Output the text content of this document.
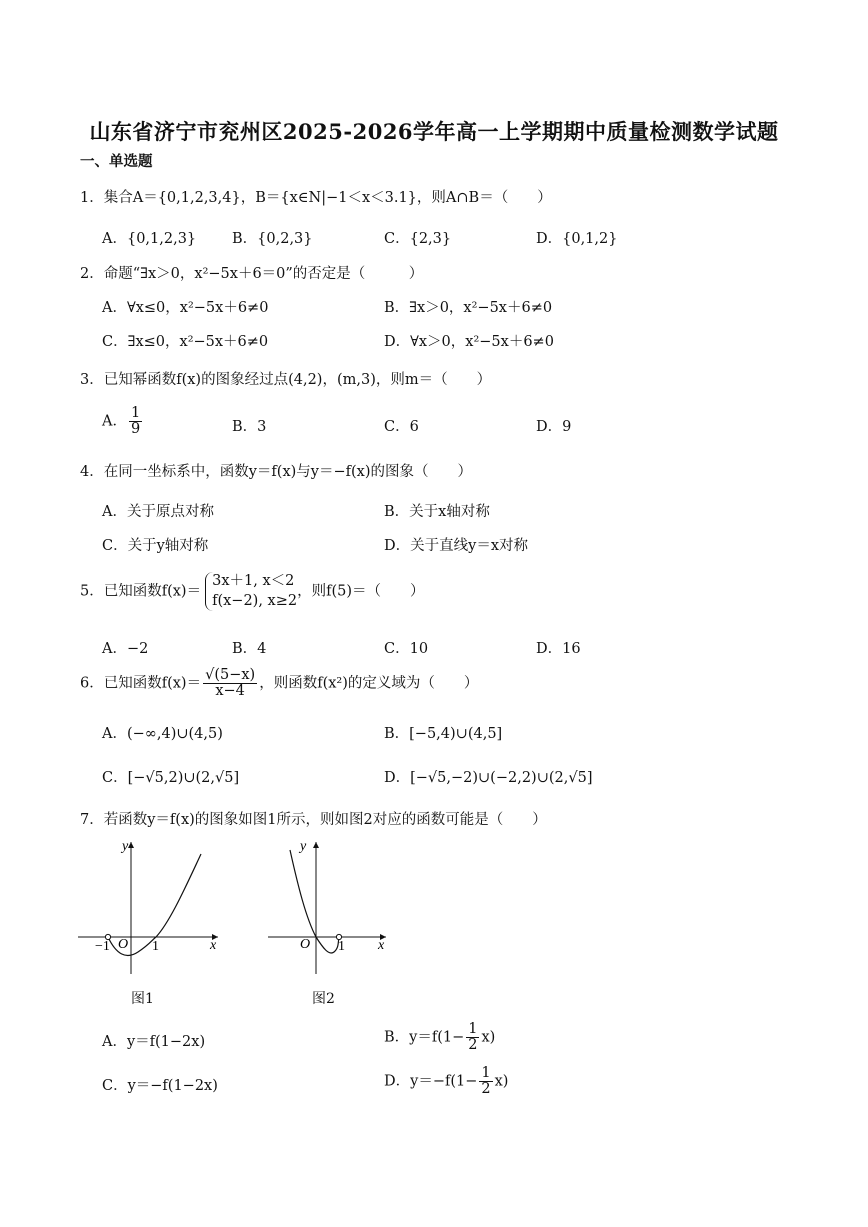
山东省济宁市兖州区2025-2026学年高一上学期期中质量检测数学试题
一、单选题
1．集合A＝{0,1,2,3,4}，B＝{x∈N|−1＜x＜3.1}，则A∩B＝（　　）
A．{0,1,2,3} B．{0,2,3}	C．{2,3}	D．{0,1,2}
2．命题“∃x＞0，x²−5x＋6＝0”的否定是（　　　）
A．∀x≤0，x²−5x＋6≠0	B．∃x＞0，x²−5x＋6≠0
C．∃x≤0，x²−5x＋6≠0	D．∀x＞0，x²−5x＋6≠0
3．已知幂函数f(x)的图象经过点(4,2)，(m,3)，则m＝（　　）
A． $\frac{1}{9}$	B．3	C．6	D．9
4．在同一坐标系中，函数y＝f(x)与y＝−f(x)的图象（　　）
A．关于原点对称	B．关于x轴对称
C．关于y轴对称	D．关于直线y＝x对称
5．已知函数f(x)＝
3x＋1, x＜2
f(x−2), x≥2
，则f(5)＝（　　）
A．−2	B．4	C．10	D．16
6．已知函数$f(x)= \frac{√(5-x)}{x-4}$ ，则函数f(x²)的定义域为（　　）
A．(−∞,4)∪(4,5)	B．[−5,4)∪(4,5]
C．[−√5,2)∪(2,√5]	D．[−√5,−2)∪(−2,2)∪(2,√5]
7．若函数y＝f(x)的图象如图1所示，则如图2对应的函数可能是（　　）
y
x
−1 O 1
图1
y
x
O 1
图2
A．y＝f(1−2x)	B．$y=f(1- \frac{1}{2} x)$
C．y＝−f(1−2x)	D．$y=-f(1- \frac{1}{2} x)$
